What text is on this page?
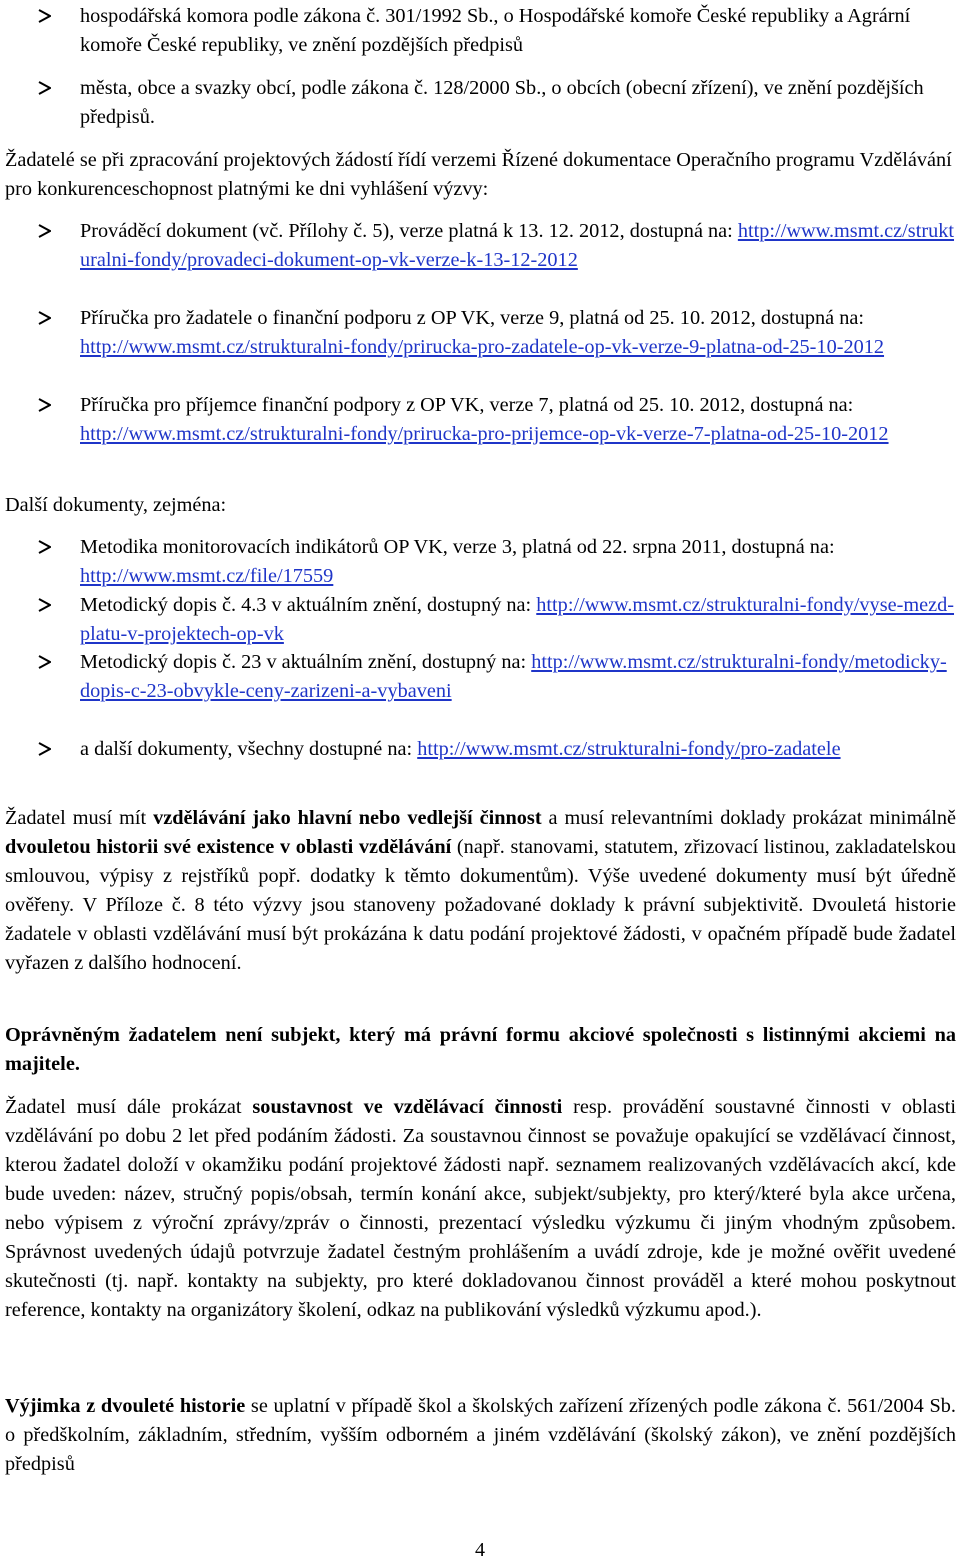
hospodářská komora podle zákona č. 301/1992 Sb., o Hospodářské komoře České republiky a Agrární komoře České republiky, ve znění pozdějších předpisů
města, obce a svazky obcí, podle zákona č. 128/2000 Sb., o obcích (obecní zřízení), ve znění pozdějších předpisů.

Žadatelé se při zpracování projektových žádostí řídí verzemi Řízené dokumentace Operačního programu Vzdělávání pro konkurenceschopnost platnými ke dni vyhlášení výzvy:

Prováděcí dokument (vč. Přílohy č. 5), verze platná k 13. 12. 2012, dostupná na: http://www.msmt.cz/strukturalni-fondy/provadeci-dokument-op-vk-verze-k-13-12-2012
Příručka pro žadatele o finanční podporu z OP VK, verze 9, platná od 25. 10. 2012, dostupná na: http://www.msmt.cz/strukturalni-fondy/prirucka-pro-zadatele-op-vk-verze-9-platna-od-25-10-2012
Příručka pro příjemce finanční podpory z OP VK, verze 7, platná od 25. 10. 2012, dostupná na: http://www.msmt.cz/strukturalni-fondy/prirucka-pro-prijemce-op-vk-verze-7-platna-od-25-10-2012

Další dokumenty, zejména:

Metodika monitorovacích indikátorů OP VK, verze 3, platná od 22. srpna 2011, dostupná na: http://www.msmt.cz/file/17559
Metodický dopis č. 4.3 v aktuálním znění, dostupný na: http://www.msmt.cz/strukturalni-fondy/vyse-mezd-platu-v-projektech-op-vk
Metodický dopis č. 23 v aktuálním znění, dostupný na: http://www.msmt.cz/strukturalni-fondy/metodicky-dopis-c-23-obvykle-ceny-zarizeni-a-vybaveni
a další dokumenty, všechny dostupné na: http://www.msmt.cz/strukturalni-fondy/pro-zadatele

Žadatel musí mít vzdělávání jako hlavní nebo vedlejší činnost a musí relevantními doklady prokázat minimálně dvouletou historii své existence v oblasti vzdělávání (např. stanovami, statutem, zřizovací listinou, zakladatelskou smlouvou, výpisy z rejstříků popř. dodatky k těmto dokumentům). Výše uvedené dokumenty musí být úředně ověřeny. V Příloze č. 8 této výzvy jsou stanoveny požadované doklady k právní subjektivitě. Dvouletá historie žadatele v oblasti vzdělávání musí být prokázána k datu podání projektové žádosti, v opačném případě bude žadatel vyřazen z dalšího hodnocení.

Oprávněným žadatelem není subjekt, který má právní formu akciové společnosti s listinnými akciemi na majitele.

Žadatel musí dále prokázat soustavnost ve vzdělávací činnosti resp. provádění soustavné činnosti v oblasti vzdělávání po dobu 2 let před podáním žádosti. Za soustavnou činnost se považuje opakující se vzdělávací činnost, kterou žadatel doloží v okamžiku podání projektové žádosti např. seznamem realizovaných vzdělávacích akcí, kde bude uveden: název, stručný popis/obsah, termín konání akce, subjekt/subjekty, pro který/které byla akce určena, nebo výpisem z výroční zprávy/zpráv o činnosti, prezentací výsledku výzkumu či jiným vhodným způsobem. Správnost uvedených údajů potvrzuje žadatel čestným prohlášením a uvádí zdroje, kde je možné ověřit uvedené skutečnosti (tj. např. kontakty na subjekty, pro které dokladovanou činnost prováděl a které mohou poskytnout reference, kontakty na organizátory školení, odkaz na publikování výsledků výzkumu apod.).

Výjimka z dvouleté historie se uplatní v případě škol a školských zařízení zřízených podle zákona č. 561/2004 Sb. o předškolním, základním, středním, vyšším odborném a jiném vzdělávání (školský zákon), ve znění pozdějších předpisů

4
